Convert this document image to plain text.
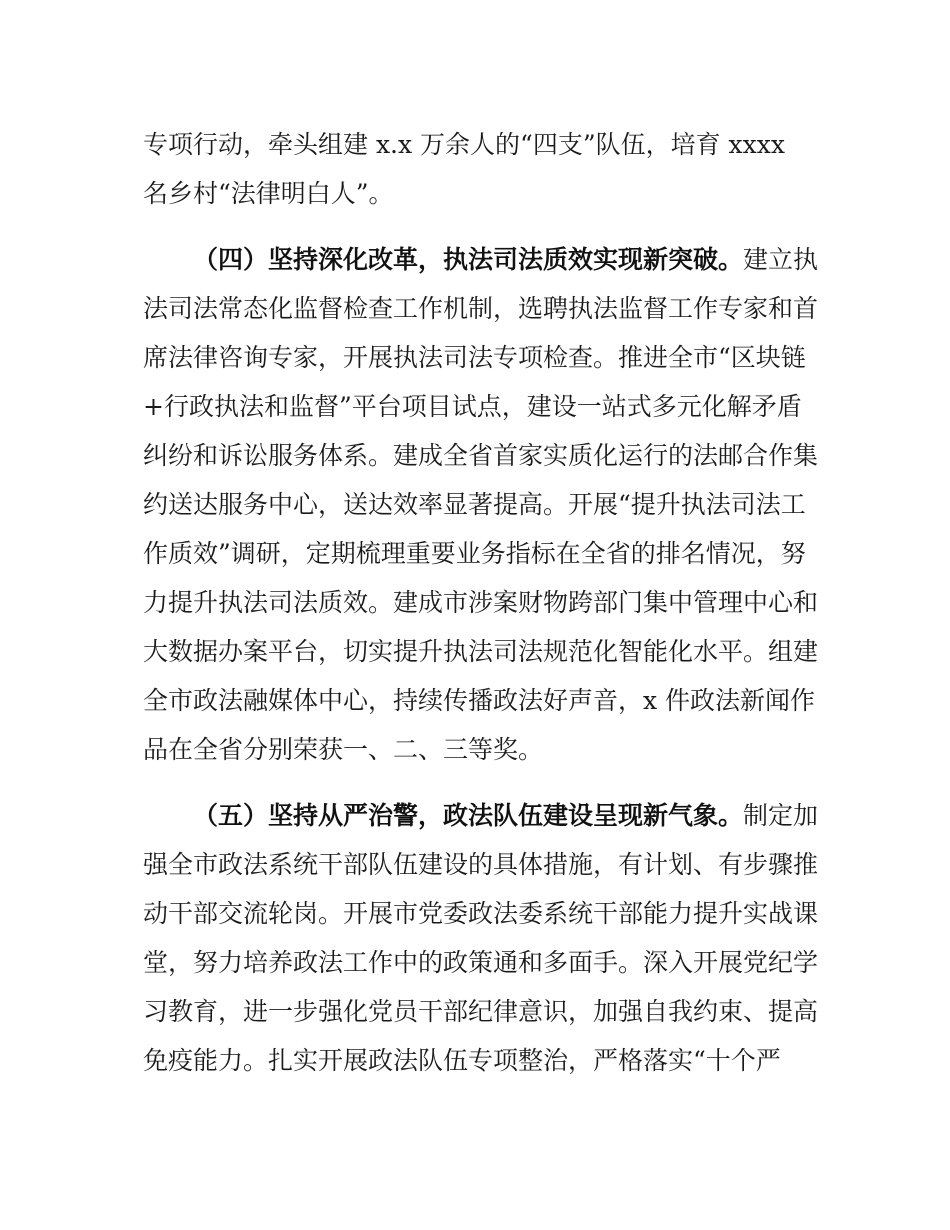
专项行动，牵头组建 x.x 万余人的“四支”队伍，培育 xxxx

名乡村“法律明白人”。

（四）坚持深化改革，执法司法质效实现新突破。建立执

法司法常态化监督检查工作机制，选聘执法监督工作专家和首

席法律咨询专家，开展执法司法专项检查。推进全市“区块链

+行政执法和监督”平台项目试点，建设一站式多元化解矛盾

纠纷和诉讼服务体系。建成全省首家实质化运行的法邮合作集

约送达服务中心，送达效率显著提高。开展“提升执法司法工

作质效”调研，定期梳理重要业务指标在全省的排名情况，努

力提升执法司法质效。建成市涉案财物跨部门集中管理中心和

大数据办案平台，切实提升执法司法规范化智能化水平。组建

全市政法融媒体中心，持续传播政法好声音，x 件政法新闻作

品在全省分别荣获一、二、三等奖。

（五）坚持从严治警，政法队伍建设呈现新气象。制定加

强全市政法系统干部队伍建设的具体措施，有计划、有步骤推

动干部交流轮岗。开展市党委政法委系统干部能力提升实战课

堂，努力培养政法工作中的政策通和多面手。深入开展党纪学

习教育，进一步强化党员干部纪律意识，加强自我约束、提高

免疫能力。扎实开展政法队伍专项整治，严格落实“十个严
